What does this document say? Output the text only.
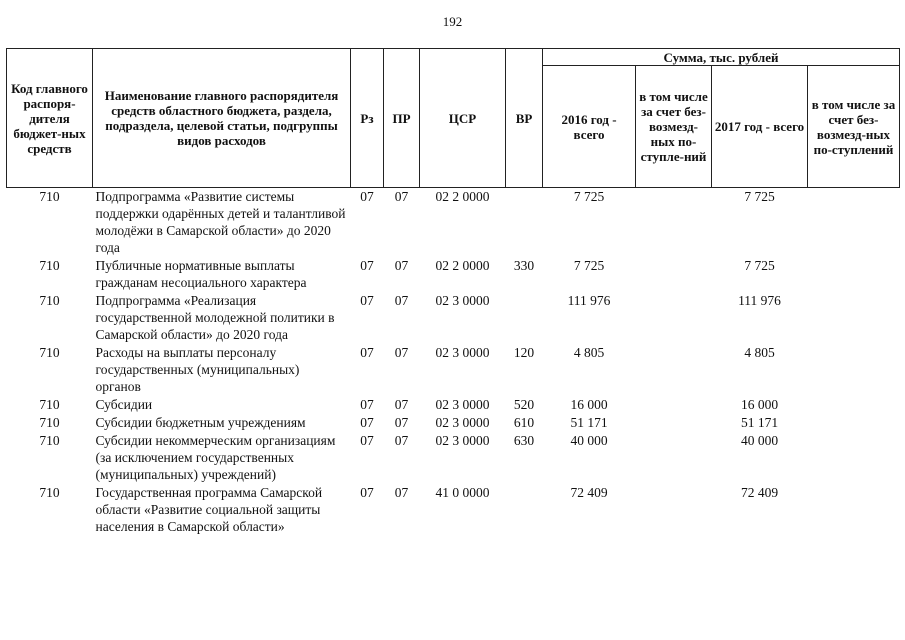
192
Код главного распоря-дителя бюджет-ных средств	Наименование главного распорядителя средств областного бюджета, раздела, подраздела, целевой статьи, подгруппы видов расходов	Рз	ПР	ЦСР	ВР	Сумма, тыс. рублей			
						2016 год - всего	в том числе за счет без-возмезд-ных по-ступле-ний	2017 год - всего	в том числе за счет без-возмезд-ных по-ступлений
710	Подпрограмма «Развитие системы поддержки одарённых детей и талантливой молодёжи в Самарской области» до 2020 года	07	07	02 2 0000		7 725		7 725	
710	Публичные нормативные выплаты гражданам несоциального характера	07	07	02 2 0000	330	7 725		7 725	
710	Подпрограмма «Реализация государственной молодежной политики в Самарской области» до 2020 года	07	07	02 3 0000		111 976		111 976	
710	Расходы на выплаты персоналу государственных (муниципальных) органов	07	07	02 3 0000	120	4 805		4 805	
710	Субсидии	07	07	02 3 0000	520	16 000		16 000	
710	Субсидии бюджетным учреждениям	07	07	02 3 0000	610	51 171		51 171	
710	Субсидии некоммерческим организациям (за исключением государственных (муниципальных) учреждений)	07	07	02 3 0000	630	40 000		40 000	
710	Государственная программа Самарской области «Развитие социальной защиты населения в Самарской области»	07	07	41 0 0000		72 409		72 409	
